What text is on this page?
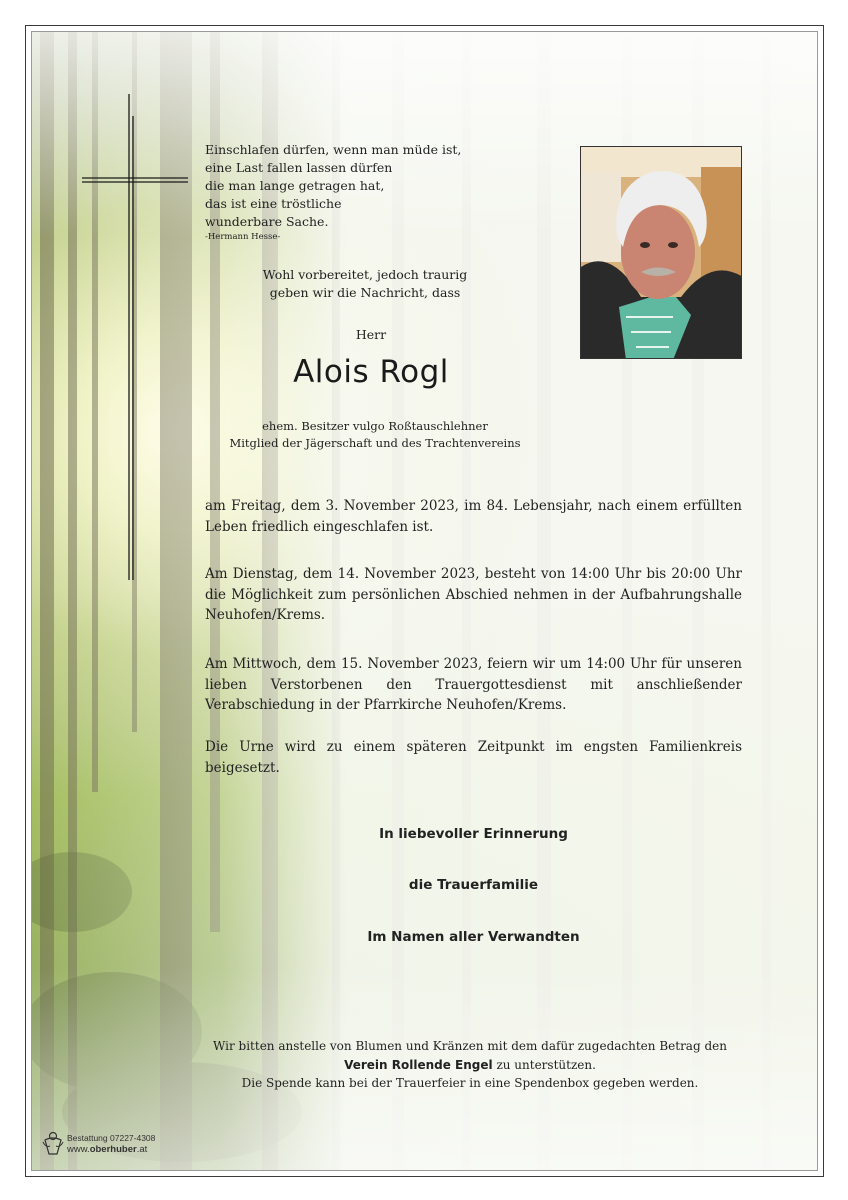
Einschlafen dürfen, wenn man müde ist,
eine Last fallen lassen dürfen
die man lange getragen hat,
das ist eine tröstliche
wunderbare Sache.
-Hermann Hesse-
Wohl vorbereitet, jedoch traurig
geben wir die Nachricht, dass
Herr
Alois Rogl
ehem. Besitzer vulgo Roßtauschlehner
Mitglied der Jägerschaft und des Trachtenvereins
am Freitag, dem 3. November 2023, im 84. Lebensjahr, nach einem erfüllten Leben friedlich eingeschlafen ist.
Am Dienstag, dem 14. November 2023, besteht von 14:00 Uhr bis 20:00 Uhr die Möglichkeit zum persönlichen Abschied nehmen in der Aufbahrungshalle Neuhofen/Krems.
Am Mittwoch, dem 15. November 2023, feiern wir um 14:00 Uhr für unseren lieben Verstorbenen den Trauergottesdienst mit anschließender Verabschiedung in der Pfarrkirche Neuhofen/Krems.
Die Urne wird zu einem späteren Zeitpunkt im engsten Familienkreis beigesetzt.
In liebevoller Erinnerung
die Trauerfamilie
Im Namen aller Verwandten
Wir bitten anstelle von Blumen und Kränzen mit dem dafür zugedachten Betrag den
Verein Rollende Engel zu unterstützen.
Die Spende kann bei der Trauerfeier in eine Spendenbox gegeben werden.
Bestattung 07227-4308
www.oberhuber.at
